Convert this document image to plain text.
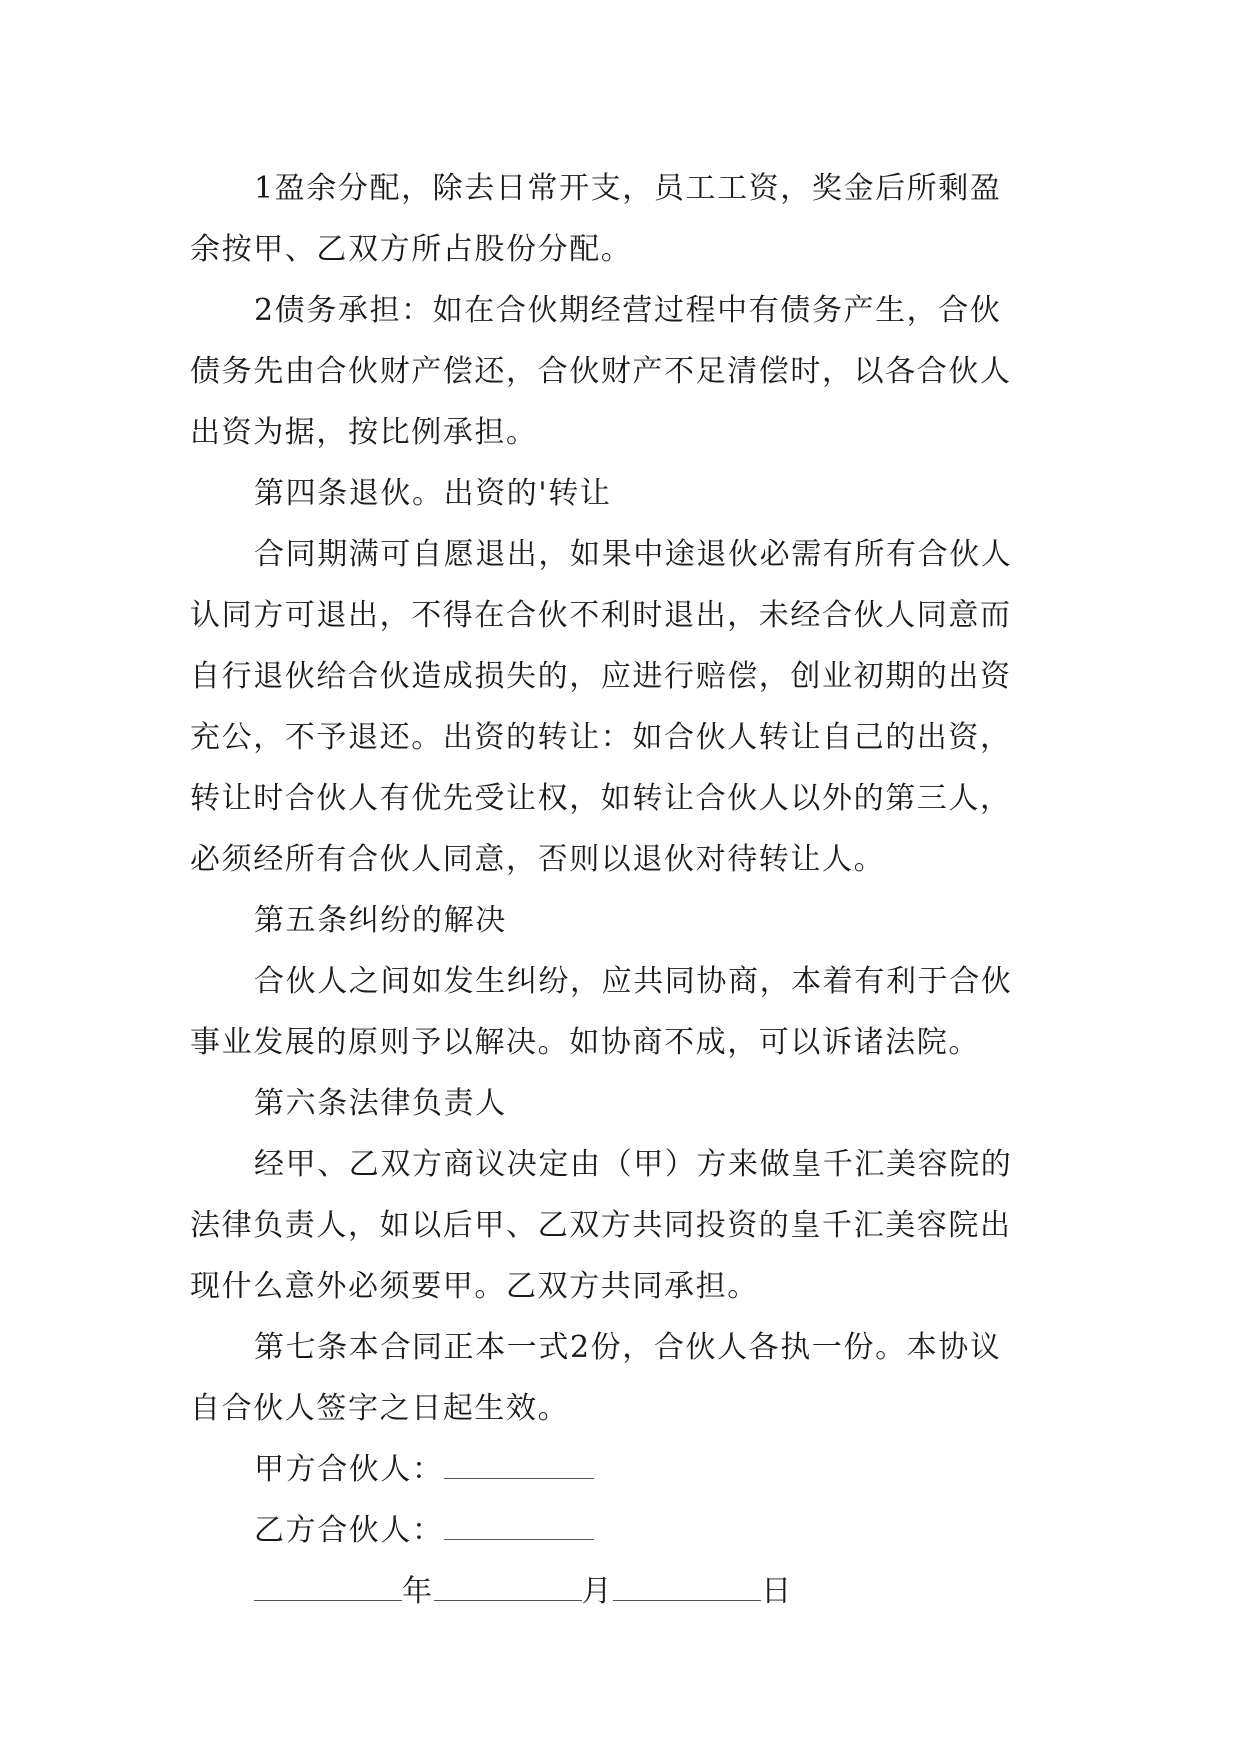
1盈余分配，除去日常开支，员工工资，奖金后所剩盈
余按甲、乙双方所占股份分配。
2债务承担：如在合伙期经营过程中有债务产生，合伙
债务先由合伙财产偿还，合伙财产不足清偿时，以各合伙人
出资为据，按比例承担。
第四条退伙。出资的'转让
合同期满可自愿退出，如果中途退伙必需有所有合伙人
认同方可退出，不得在合伙不利时退出，未经合伙人同意而
自行退伙给合伙造成损失的，应进行赔偿，创业初期的出资
充公，不予退还。出资的转让：如合伙人转让自己的出资，
转让时合伙人有优先受让权，如转让合伙人以外的第三人，
必须经所有合伙人同意，否则以退伙对待转让人。
第五条纠纷的解决
合伙人之间如发生纠纷，应共同协商，本着有利于合伙
事业发展的原则予以解决。如协商不成，可以诉诸法院。
第六条法律负责人
经甲、乙双方商议决定由（甲）方来做皇千汇美容院的
法律负责人，如以后甲、乙双方共同投资的皇千汇美容院出
现什么意外必须要甲。乙双方共同承担。
第七条本合同正本一式2份，合伙人各执一份。本协议
自合伙人签字之日起生效。
甲方合伙人：
乙方合伙人：
年	月	日
